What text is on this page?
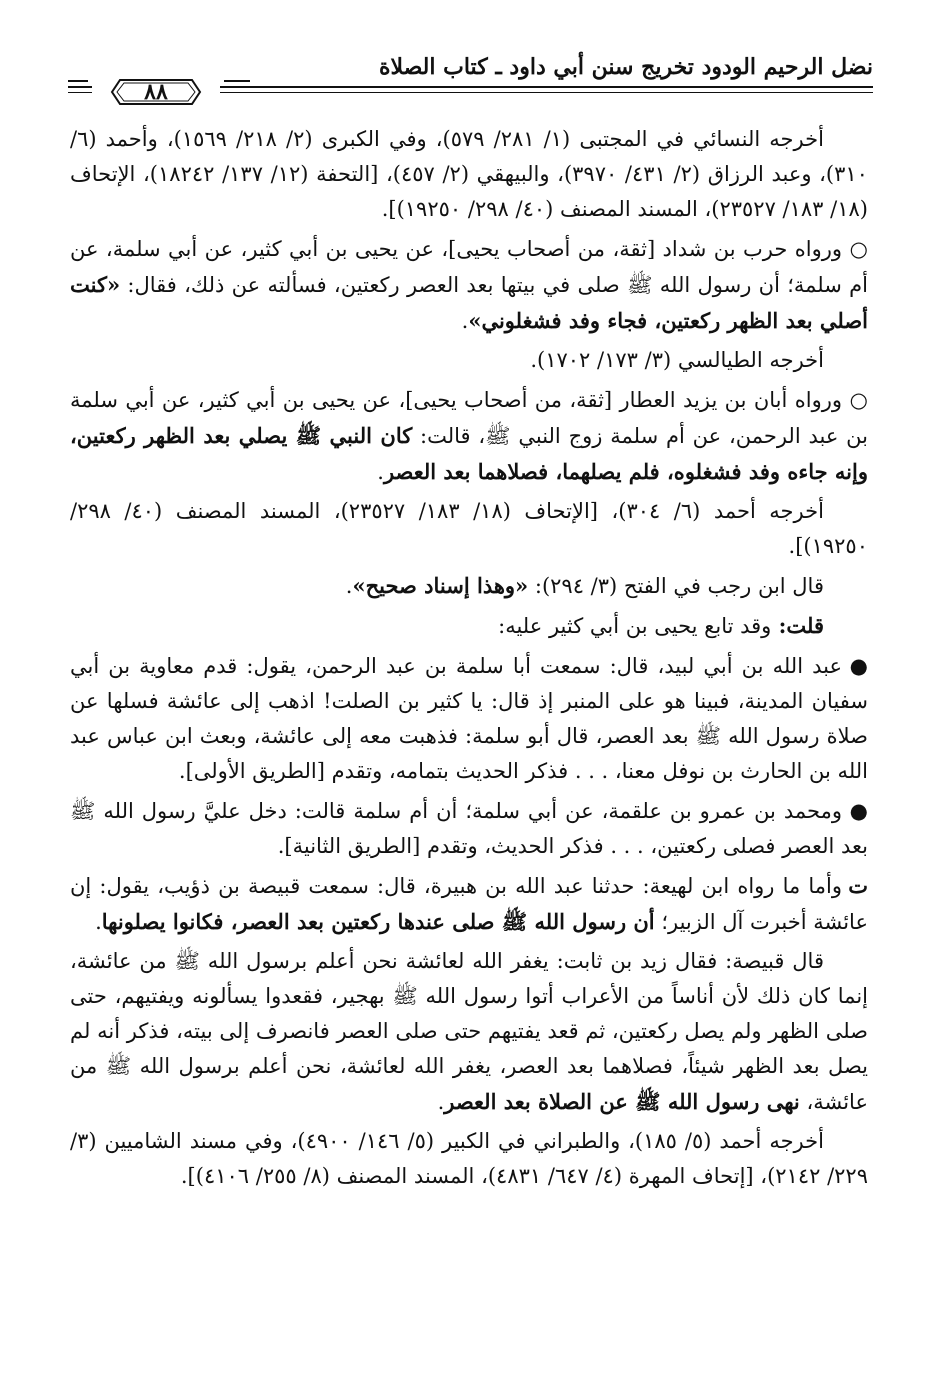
نضل الرحيم الودود تخريج سنن أبي داود ـ كتاب الصلاة
٨٨

أخرجه النسائي في المجتبى (١/ ٢٨١/ ٥٧٩)، وفي الكبرى (٢/ ٢١٨/ ١٥٦٩)، وأحمد (٦/ ٣١٠)، وعبد الرزاق (٢/ ٤٣١/ ٣٩٧٠)، والبيهقي (٢/ ٤٥٧)، [التحفة (١٢/ ١٣٧/ ١٨٢٤٢)، الإتحاف (١٨/ ١٨٣/ ٢٣٥٢٧)، المسند المصنف (٤٠/ ٢٩٨/ ١٩٢٥٠)].

○ورواه حرب بن شداد [ثقة، من أصحاب يحيى]، عن يحيى بن أبي كثير، عن أبي سلمة، عن أم سلمة؛ أن رسول الله ﷺ صلى في بيتها بعد العصر ركعتين، فسألته عن ذلك، فقال: «كنت أصلي بعد الظهر ركعتين، فجاء وفد فشغلوني».

أخرجه الطيالسي (٣/ ١٧٣/ ١٧٠٢).

○ورواه أبان بن يزيد العطار [ثقة، من أصحاب يحيى]، عن يحيى بن أبي كثير، عن أبي سلمة بن عبد الرحمن، عن أم سلمة زوج النبي ﷺ، قالت: كان النبي ﷺ يصلي بعد الظهر ركعتين، وإنه جاءه وفد فشغلوه، فلم يصلهما، فصلاهما بعد العصر.

أخرجه أحمد (٦/ ٣٠٤)، [الإتحاف (١٨/ ١٨٣/ ٢٣٥٢٧)، المسند المصنف (٤٠/ ٢٩٨/ ١٩٢٥٠)].

قال ابن رجب في الفتح (٣/ ٢٩٤): «وهذا إسناد صحيح».

قلت: وقد تابع يحيى بن أبي كثير عليه:

●عبد الله بن أبي لبيد، قال: سمعت أبا سلمة بن عبد الرحمن، يقول: قدم معاوية بن أبي سفيان المدينة، فبينا هو على المنبر إذ قال: يا كثير بن الصلت! اذهب إلى عائشة فسلها عن صلاة رسول الله ﷺ بعد العصر، قال أبو سلمة: فذهبت معه إلى عائشة، وبعث ابن عباس عبد الله بن الحارث بن نوفل معنا، . . . فذكر الحديث بتمامه، وتقدم [الطريق الأولى].

●ومحمد بن عمرو بن علقمة، عن أبي سلمة؛ أن أم سلمة قالت: دخل عليَّ رسول الله ﷺ بعد العصر فصلى ركعتين، . . . فذكر الحديث، وتقدم [الطريق الثانية].

توأما ما رواه ابن لهيعة: حدثنا عبد الله بن هبيرة، قال: سمعت قبيصة بن ذؤيب، يقول: إن عائشة أخبرت آل الزبير؛ أن رسول الله ﷺ صلى عندها ركعتين بعد العصر، فكانوا يصلونها.

قال قبيصة: فقال زيد بن ثابت: يغفر الله لعائشة نحن أعلم برسول الله ﷺ من عائشة، إنما كان ذلك لأن أناساً من الأعراب أتوا رسول الله ﷺ بهجير، فقعدوا يسألونه ويفتيهم، حتى صلى الظهر ولم يصل ركعتين، ثم قعد يفتيهم حتى صلى العصر فانصرف إلى بيته، فذكر أنه لم يصل بعد الظهر شيئاً، فصلاهما بعد العصر، يغفر الله لعائشة، نحن أعلم برسول الله ﷺ من عائشة، نهى رسول الله ﷺ عن الصلاة بعد العصر.

أخرجه أحمد (٥/ ١٨٥)، والطبراني في الكبير (٥/ ١٤٦/ ٤٩٠٠)، وفي مسند الشاميين (٣/ ٢٢٩/ ٢١٤٢)، [إتحاف المهرة (٤/ ٦٤٧/ ٤٨٣١)، المسند المصنف (٨/ ٢٥٥/ ٤١٠٦)].
